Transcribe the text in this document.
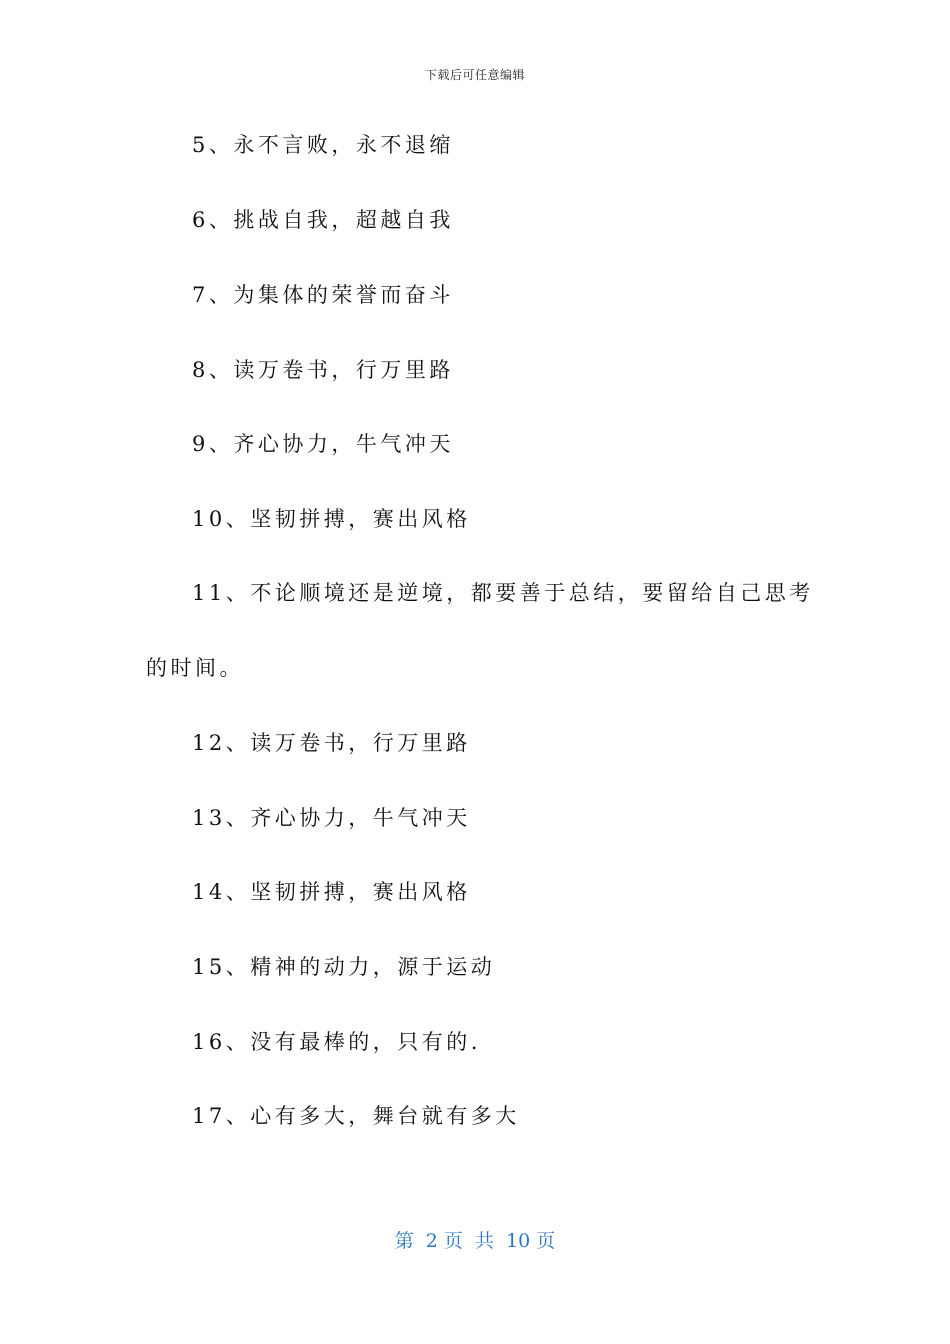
下载后可任意编辑
5、永不言败，永不退缩
6、挑战自我，超越自我
7、为集体的荣誉而奋斗
8、读万卷书，行万里路
9、齐心协力，牛气冲天
10、坚韧拼搏，赛出风格
11、不论顺境还是逆境，都要善于总结，要留给自己思考
的时间。
12、读万卷书，行万里路
13、齐心协力，牛气冲天
14、坚韧拼搏，赛出风格
15、精神的动力，源于运动
16、没有最棒的，只有的.
17、心有多大，舞台就有多大
第  2 页  共  10 页
